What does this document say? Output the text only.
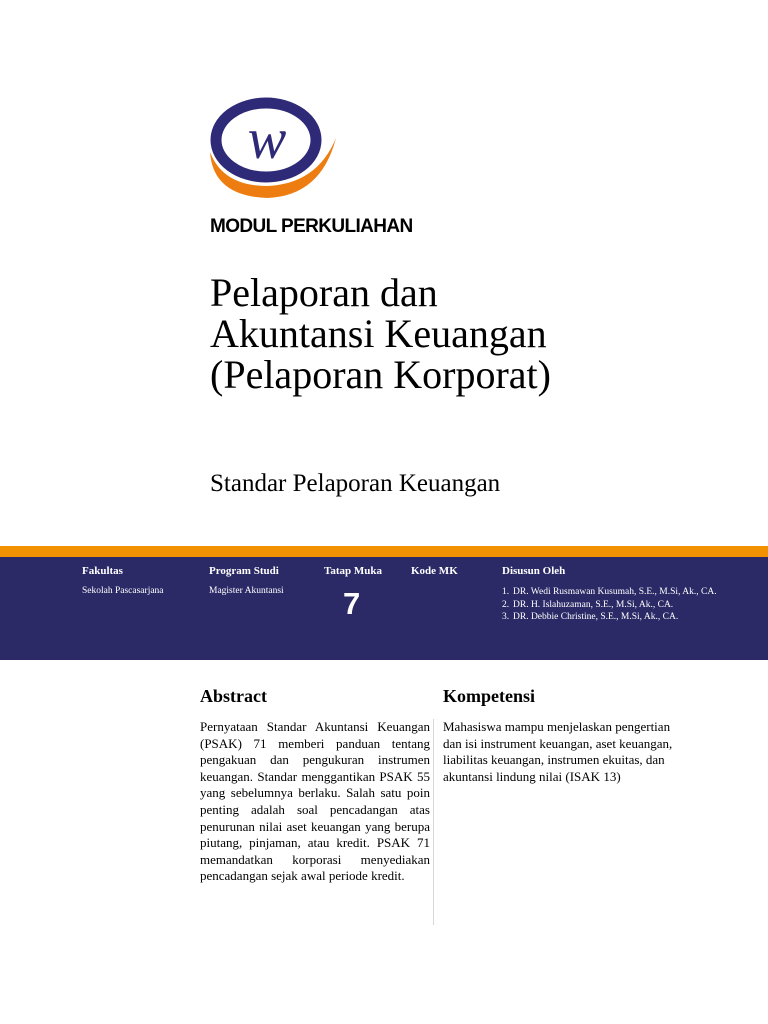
w
MODUL PERKULIAHAN
Pelaporan dan
Akuntansi Keuangan
(Pelaporan Korporat)
Standar Pelaporan Keuangan
Fakultas
Sekolah Pascasarjana
Program Studi
Magister Akuntansi
Tatap Muka
7
Kode MK	Disusun Oleh
1. DR. Wedi Rusmawan Kusumah, S.E., M.Si, Ak., CA.
2. DR. H. Islahuzaman, S.E., M.Si, Ak., CA.
3. DR. Debbie Christine, S.E., M.Si, Ak., CA.
Abstract

Pernyataan Standar Akuntansi Keuangan (PSAK) 71 memberi panduan tentang pengakuan dan pengukuran instrumen keuangan. Standar menggantikan PSAK 55 yang sebelumnya berlaku. Salah satu poin penting adalah soal pencadangan atas penurunan nilai aset keuangan yang berupa piutang, pinjaman, atau kredit. PSAK 71 memandatkan korporasi menyediakan pencadangan sejak awal periode kredit.

Kompetensi

Mahasiswa mampu menjelaskan pengertian dan isi instrument keuangan, aset keuangan, liabilitas keuangan, instrumen ekuitas, dan akuntansi lindung nilai (ISAK 13)
